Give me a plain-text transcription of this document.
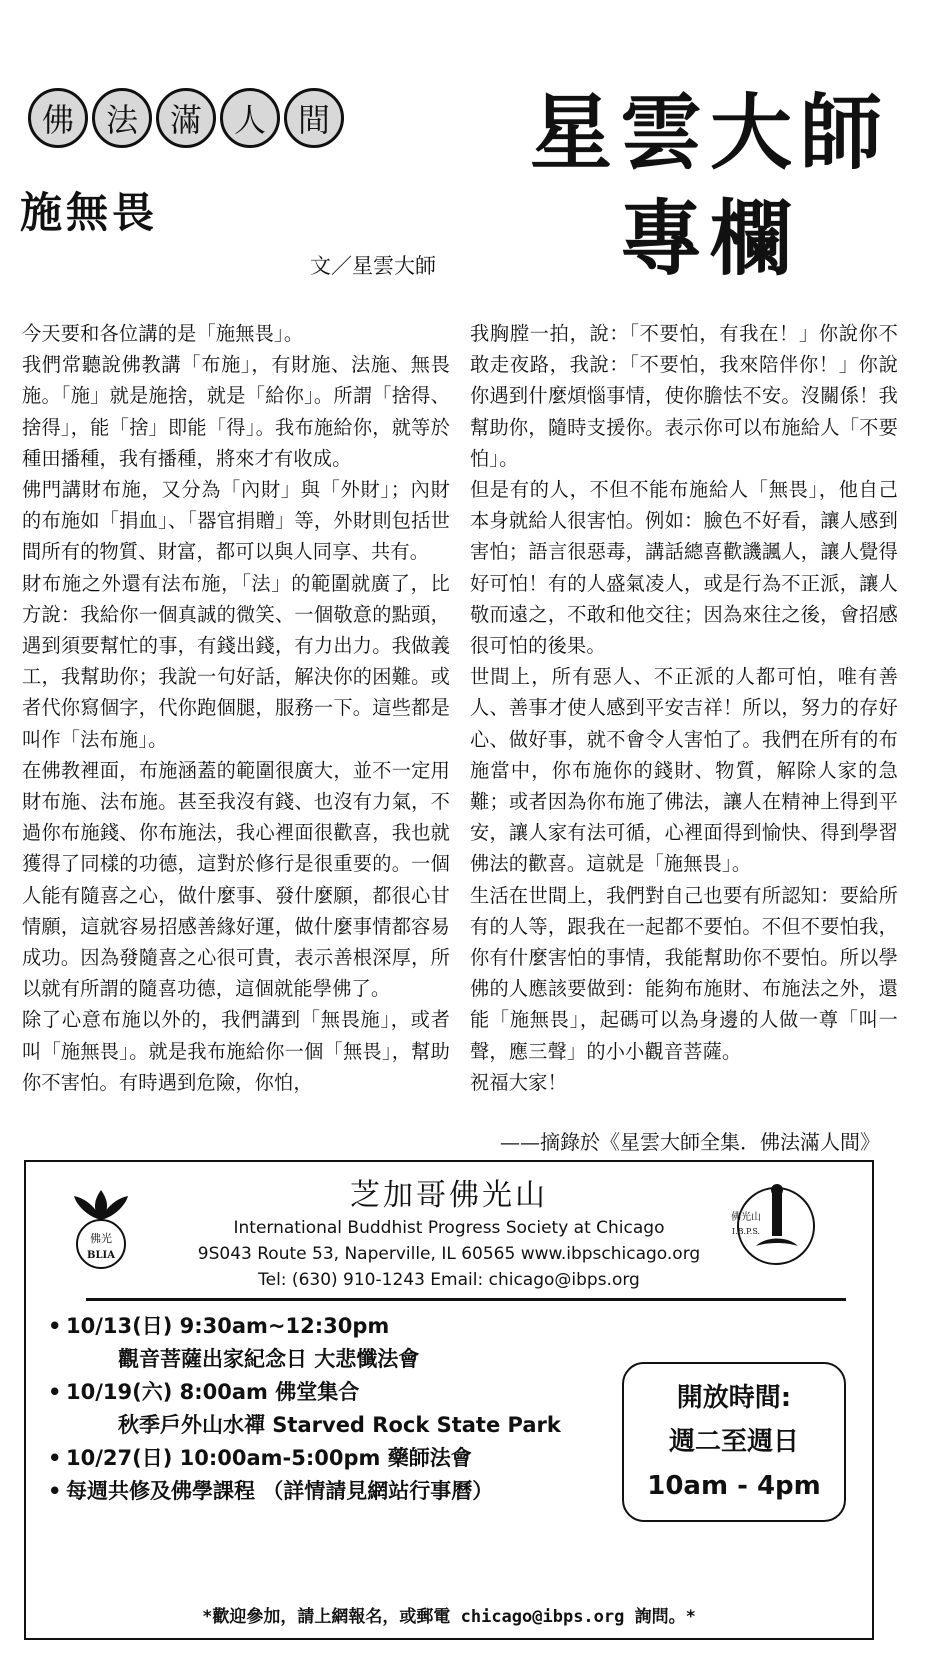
佛 法 滿 人 間
施無畏
文／星雲大師
星雲大師
專欄

今天要和各位講的是「施無畏」。

我們常聽說佛教講「布施」，有財施、法施、無畏施。「施」就是施捨，就是「給你」。所謂「捨得、捨得」，能「捨」即能「得」。我布施給你，就等於種田播種，我有播種，將來才有收成。

佛門講財布施，又分為「內財」與「外財」；內財的布施如「捐血」、「器官捐贈」等，外財則包括世間所有的物質、財富，都可以與人同享、共有。

財布施之外還有法布施，「法」的範圍就廣了，比方說：我給你一個真誠的微笑、一個敬意的點頭，遇到須要幫忙的事，有錢出錢，有力出力。我做義工，我幫助你；我說一句好話，解決你的困難。或者代你寫個字，代你跑個腿，服務一下。這些都是叫作「法布施」。

在佛教裡面，布施涵蓋的範圍很廣大，並不一定用財布施、法布施。甚至我沒有錢、也沒有力氣，不過你布施錢、你布施法，我心裡面很歡喜，我也就獲得了同樣的功德，這對於修行是很重要的。一個人能有隨喜之心，做什麼事、發什麼願，都很心甘情願，這就容易招感善緣好運，做什麼事情都容易成功。因為發隨喜之心很可貴，表示善根深厚，所以就有所謂的隨喜功德，這個就能學佛了。

除了心意布施以外的，我們講到「無畏施」，或者叫「施無畏」。就是我布施給你一個「無畏」，幫助你不害怕。有時遇到危險，你怕，

我胸膛一拍，說：「不要怕，有我在！」你說你不敢走夜路，我說：「不要怕，我來陪伴你！」你說你遇到什麼煩惱事情，使你膽怯不安。沒關係！我幫助你，隨時支援你。表示你可以布施給人「不要怕」。

但是有的人，不但不能布施給人「無畏」，他自己本身就給人很害怕。例如：臉色不好看，讓人感到害怕；語言很惡毒，講話總喜歡譏諷人，讓人覺得好可怕！有的人盛氣凌人，或是行為不正派，讓人敬而遠之，不敢和他交往；因為來往之後，會招感很可怕的後果。

世間上，所有惡人、不正派的人都可怕，唯有善人、善事才使人感到平安吉祥！所以，努力的存好心、做好事，就不會令人害怕了。我們在所有的布施當中，你布施你的錢財、物質，解除人家的急難；或者因為你布施了佛法，讓人在精神上得到平安，讓人家有法可循，心裡面得到愉快、得到學習佛法的歡喜。這就是「施無畏」。

生活在世間上，我們對自己也要有所認知：要給所有的人等，跟我在一起都不要怕。不但不要怕我，你有什麼害怕的事情，我能幫助你不要怕。所以學佛的人應該要做到：能夠布施財、布施法之外，還能「施無畏」，起碼可以為身邊的人做一尊「叫一聲，應三聲」的小小觀音菩薩。

祝福大家！

——摘錄於《星雲大師全集．佛法滿人間》
芝加哥佛光山
International Buddhist Progress Society at Chicago
9S043 Route 53, Naperville, IL 60565 www.ibpschicago.org
Tel: (630) 910-1243 Email: chicago@ibps.org
佛光
BLIA
佛光山
I.B.P.S.
• 10/13(日) 9:30am~12:30pm
觀音菩薩出家紀念日 大悲懺法會
• 10/19(六) 8:00am 佛堂集合
秋季戶外山水禪 Starved Rock State Park
• 10/27(日) 10:00am-5:00pm 藥師法會
• 每週共修及佛學課程 （詳情請見網站行事曆）
開放時間:
週二至週日
10am - 4pm
*歡迎參加，請上網報名，或郵電 chicago@ibps.org 詢問。*
